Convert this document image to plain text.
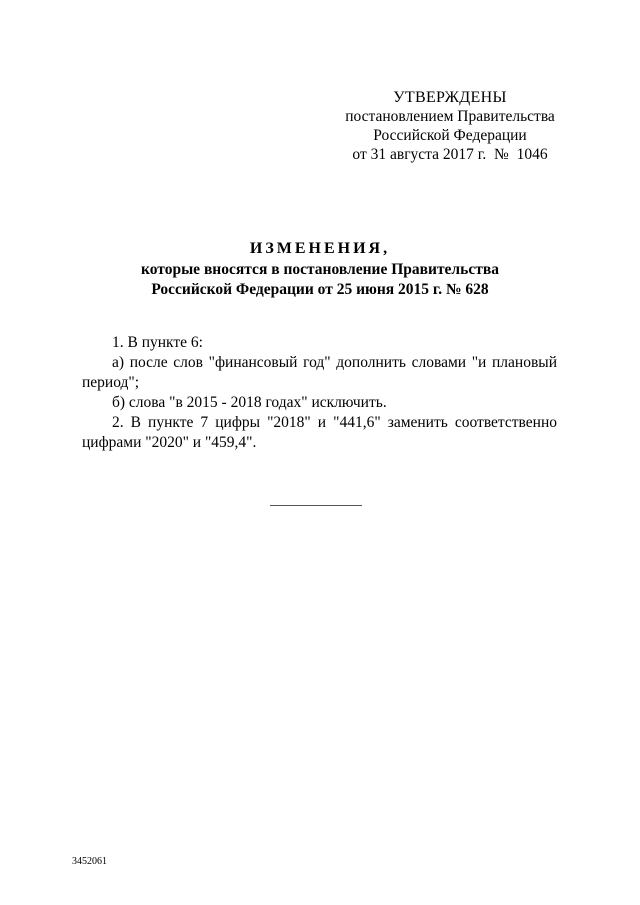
УТВЕРЖДЕНЫ
постановлением Правительства
Российской Федерации
от 31 августа 2017 г. № 1046
ИЗМЕНЕНИЯ,
которые вносятся в постановление Правительства
Российской Федерации от 25 июня 2015 г. № 628

1. В пункте 6:

а) после слов "финансовый год" дополнить словами "и плановый период";

б) слова "в 2015 - 2018 годах" исключить.

2. В пункте 7 цифры "2018" и "441,6" заменить соответственно цифрами "2020" и "459,4".

3452061
